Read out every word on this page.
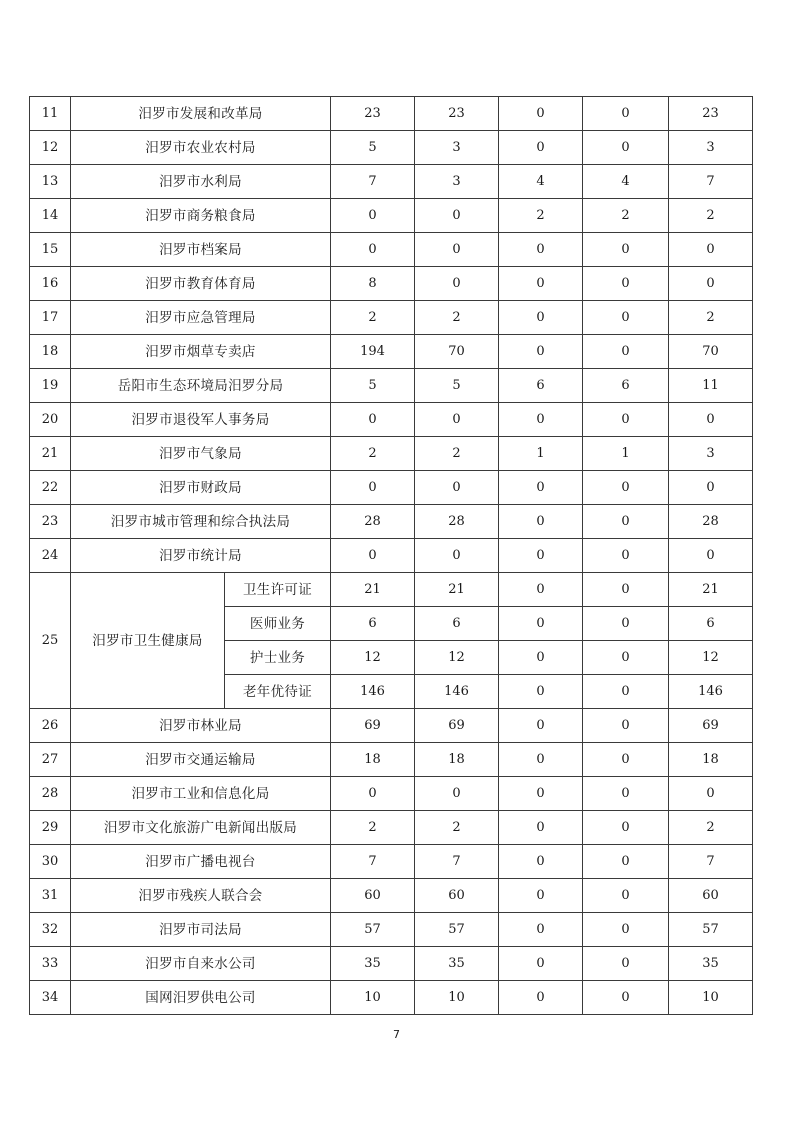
11	汨罗市发展和改革局		23	23	0	0	23
12	汨罗市农业农村局		5	3	0	0	3
13	汨罗市水利局		7	3	4	4	7
14	汨罗市商务粮食局		0	0	2	2	2
15	汨罗市档案局		0	0	0	0	0
16	汨罗市教育体育局		8	0	0	0	0
17	汨罗市应急管理局		2	2	0	0	2
18	汨罗市烟草专卖店		194	70	0	0	70
19	岳阳市生态环境局汨罗分局		5	5	6	6	11
20	汨罗市退役军人事务局		0	0	0	0	0
21	汨罗市气象局		2	2	1	1	3
22	汨罗市财政局		0	0	0	0	0
23	汨罗市城市管理和综合执法局		28	28	0	0	28
24	汨罗市统计局		0	0	0	0	0
25	汨罗市卫生健康局	卫生许可证	21	21	0	0	21
		医师业务	6	6	0	0	6
		护士业务	12	12	0	0	12
		老年优待证	146	146	0	0	146
26	汨罗市林业局		69	69	0	0	69
27	汨罗市交通运输局		18	18	0	0	18
28	汨罗市工业和信息化局		0	0	0	0	0
29	汨罗市文化旅游广电新闻出版局		2	2	0	0	2
30	汨罗市广播电视台		7	7	0	0	7
31	汨罗市残疾人联合会		60	60	0	0	60
32	汨罗市司法局		57	57	0	0	57
33	汨罗市自来水公司		35	35	0	0	35
34	国网汨罗供电公司		10	10	0	0	10
7
